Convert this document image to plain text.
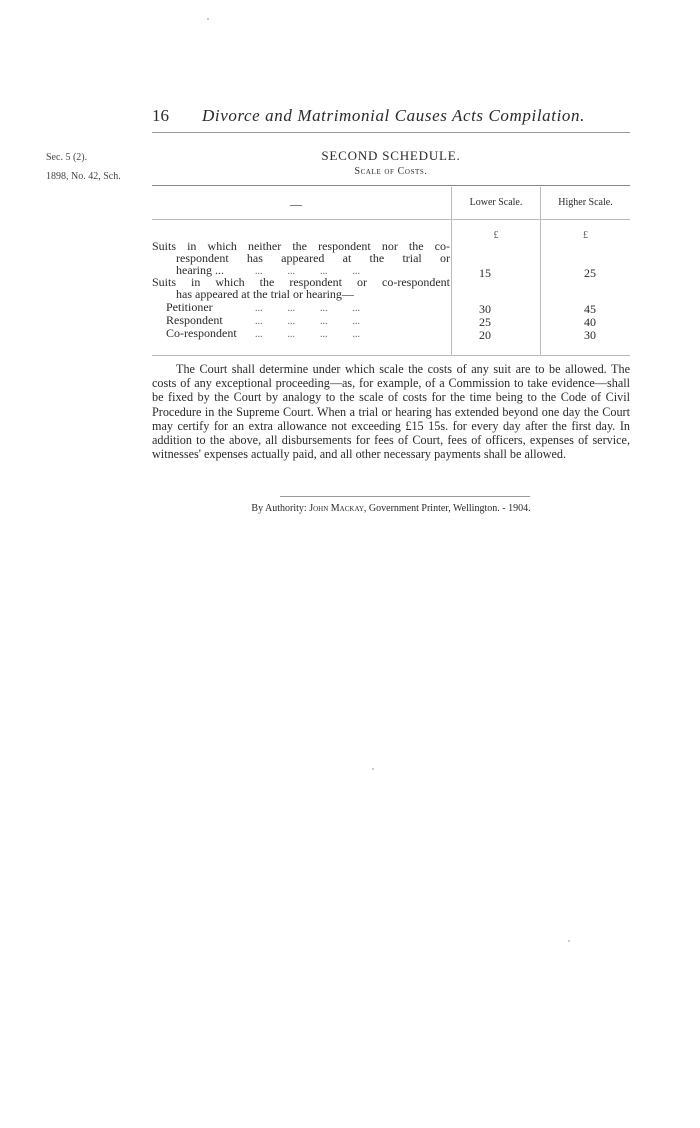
16 Divorce and Matrimonial Causes Acts Compilation.
Sec. 5 (2).
1898, No. 42, Sch.
SECOND SCHEDULE.
Scale of Costs.
—	Lower Scale.	Higher Scale.
£	£
Suits in which neither the respondent nor the co-
respondent has appeared at the trial or
hearing ...	...          ...          ...          ...	15	25
Suits in which the respondent or co-respondent
has appeared at the trial or hearing—
Petitioner	...          ...          ...          ...	30	45
Respondent	...          ...          ...          ...	25	40
Co-respondent ...          ...          ...          ...	20	30
The Court shall determine under which scale the costs of any suit are to be allowed. The costs of any exceptional proceeding—as, for example, of a Commission to take evidence—shall be fixed by the Court by analogy to the scale of costs for the time being to the Code of Civil Procedure in the Supreme Court. When a trial or hearing has extended beyond one day the Court may certify for an extra allowance not exceeding £15 15s. for every day after the first day. In addition to the above, all disbursements for fees of Court, fees of officers, expenses of service, witnesses' expenses actually paid, and all other necessary payments shall be allowed.
By Authority: John Mackay, Government Printer, Wellington. - 1904.
